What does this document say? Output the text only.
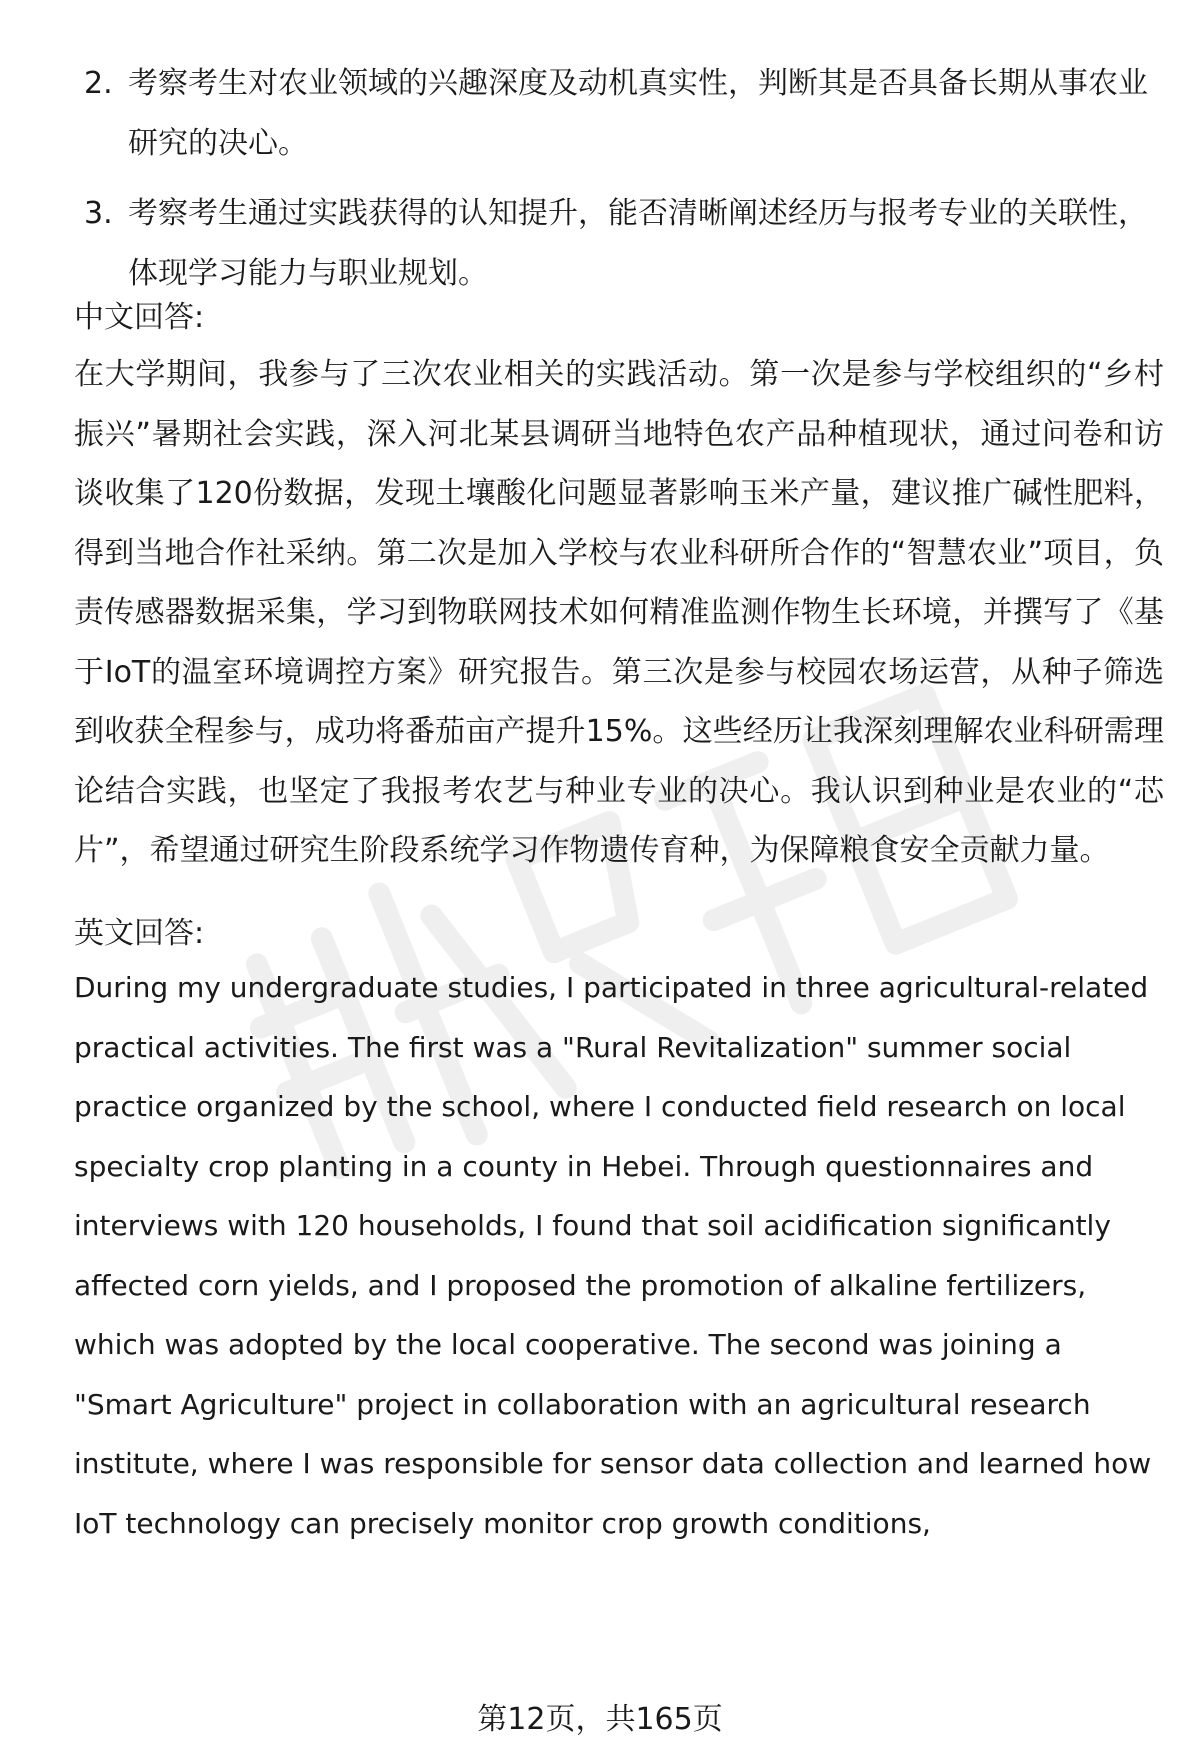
2. 考察考生对农业领域的兴趣深度及动机真实性，判断其是否具备长期从事农业研究的决心。
3. 考察考生通过实践获得的认知提升，能否清晰阐述经历与报考专业的关联性，体现学习能力与职业规划。
中文回答:

在大学期间，我参与了三次农业相关的实践活动。第一次是参与学校组织的“乡村振兴”暑期社会实践，深入河北某县调研当地特色农产品种植现状，通过问卷和访谈收集了120份数据，发现土壤酸化问题显著影响玉米产量，建议推广碱性肥料，得到当地合作社采纳。第二次是加入学校与农业科研所合作的“智慧农业”项目，负责传感器数据采集，学习到物联网技术如何精准监测作物生长环境，并撰写了《基于IoT的温室环境调控方案》研究报告。第三次是参与校园农场运营，从种子筛选到收获全程参与，成功将番茄亩产提升15%。这些经历让我深刻理解农业科研需理论结合实践，也坚定了我报考农艺与种业专业的决心。我认识到种业是农业的“芯片”，希望通过研究生阶段系统学习作物遗传育种，为保障粮食安全贡献力量。

英文回答:

During my undergraduate studies, I participated in three agricultural-related practical activities. The first was a "Rural Revitalization" summer social practice organized by the school, where I conducted field research on local specialty crop planting in a county in Hebei. Through questionnaires and interviews with 120 households, I found that soil acidification significantly affected corn yields, and I proposed the promotion of alkaline fertilizers, which was adopted by the local cooperative. The second was joining a "Smart Agriculture" project in collaboration with an agricultural research institute, where I was responsible for sensor data collection and learned how IoT technology can precisely monitor crop growth conditions,

第12页，共165页
